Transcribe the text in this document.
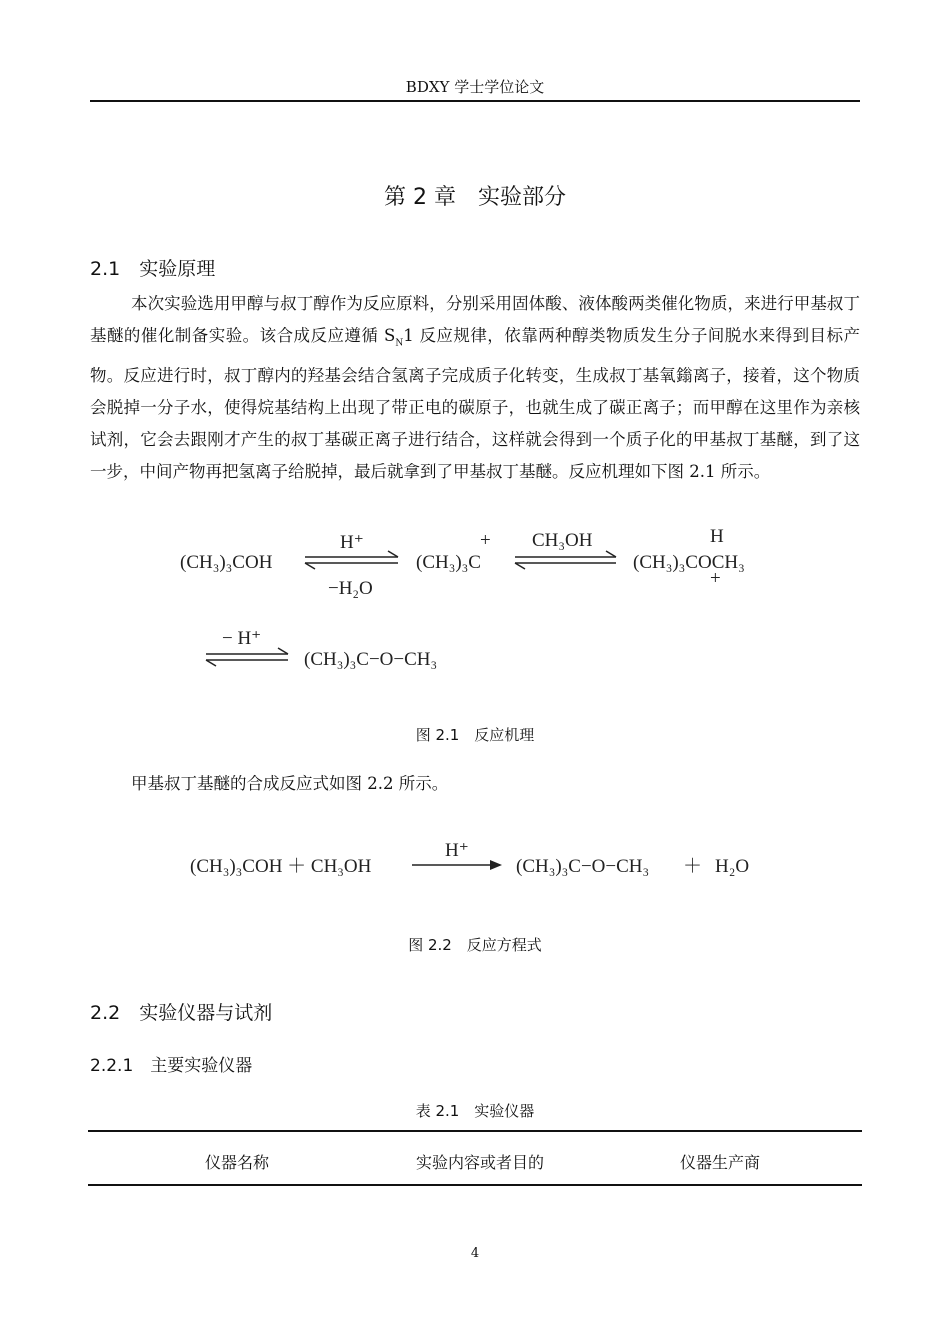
BDXY 学士学位论文
第 2 章　实验部分
2.1　实验原理
本次实验选用甲醇与叔丁醇作为反应原料，分别采用固体酸、液体酸两类催化物质，来进行甲基叔丁基醚的催化制备实验。该合成反应遵循 $S_N1$ 反应规律，依靠两种醇类物质发生分子间脱水来得到目标产物。反应进行时，叔丁醇内的羟基会结合氢离子完成质子化转变，生成叔丁基氧鎓离子，接着，这个物质会脱掉一分子水，使得烷基结构上出现了带正电的碳原子，也就生成了碳正离子；而甲醇在这里作为亲核试剂，它会去跟刚才产生的叔丁基碳正离子进行结合，这样就会得到一个质子化的甲基叔丁基醚，到了这一步，中间产物再把氢离子给脱掉，最后就拿到了甲基叔丁基醚。反应机理如下图 2.1 所示。
(CH₃)₃COH
H⁺
−H₂O
(CH₃)₃C
+ CH₃OH	H
(CH₃)₃COCH₃
+
− H⁺
(CH₃)₃C−O−CH₃
图 2.1　反应机理
甲基叔丁基醚的合成反应式如图 2.2 所示。
(CH₃)₃COH ＋ CH₃OH
H⁺
(CH₃)₃C−O−CH₃ ＋ H₂O
图 2.2　反应方程式
2.2　实验仪器与试剂
2.2.1　主要实验仪器
表 2.1　实验仪器
仪器名称	实验内容或者目的	仪器生产商
4
